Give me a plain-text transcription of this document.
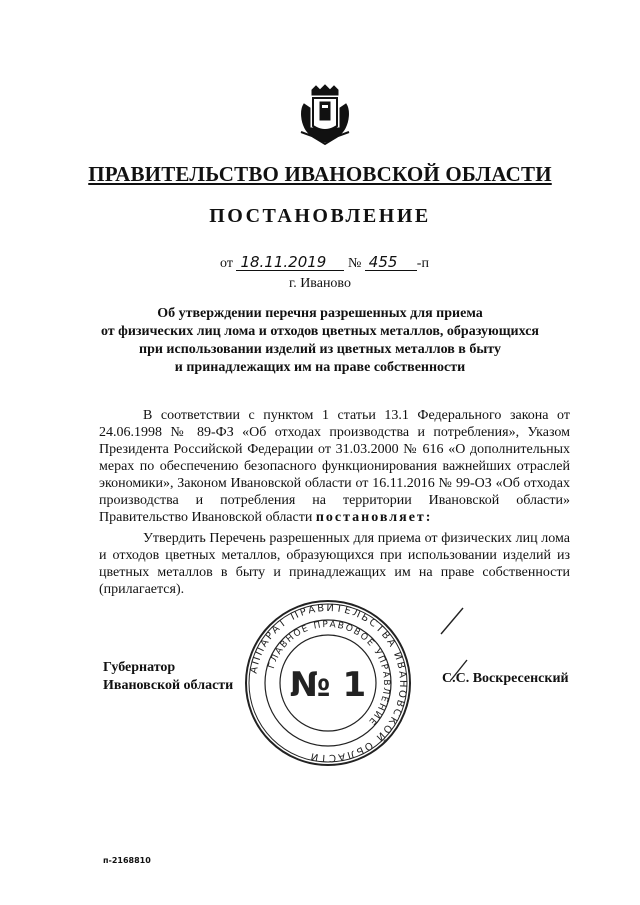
ПРАВИТЕЛЬСТВО ИВАНОВСКОЙ ОБЛАСТИ
ПОСТАНОВЛЕНИЕ
от 18.11.2019 № 455 -п
г. Иваново
Об утверждении перечня разрешенных для приема
от физических лиц лома и отходов цветных металлов, образующихся
при использовании изделий из цветных металлов в быту
и принадлежащих им на праве собственности

В соответствии с пунктом 1 статьи 13.1 Федерального закона от 24.06.1998 № 89-ФЗ «Об отходах производства и потребления», Указом Президента Российской Федерации от 31.03.2000 № 616 «О дополнительных мерах по обеспечению безопасного функционирования важнейших отраслей экономики», Законом Ивановской области от 16.11.2016 № 99-ОЗ «Об отходах производства и потребления на территории Ивановской области» Правительство Ивановской области постановляет:

Утвердить Перечень разрешенных для приема от физических лиц лома и отходов цветных металлов, образующихся при использовании изделий из цветных металлов в быту и принадлежащих им на праве собственности (прилагается).

Губернатор
Ивановской области
АППАРАТ ПРАВИТЕЛЬСТВА ИВАНОВСКОЙ ОБЛАСТИ
ГЛАВНОЕ ПРАВОВОЕ УПРАВЛЕНИЕ
№ 1	С.С. Воскресенский
п-2168810
